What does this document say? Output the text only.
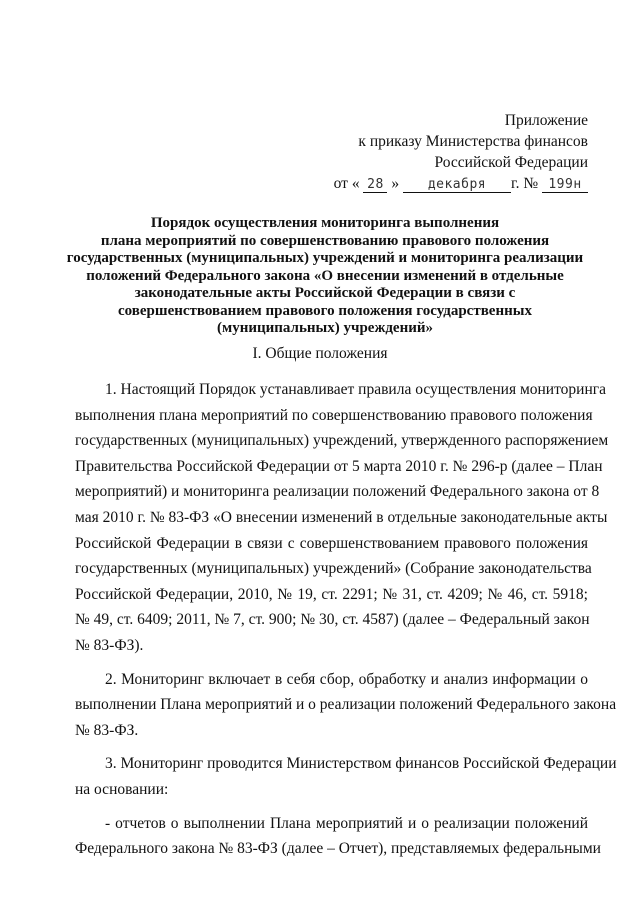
Приложение
к приказу Министерства финансов
Российской Федерации
от « 28 » декабря г. № 199н
Порядок осуществления мониторинга выполнения
плана мероприятий по совершенствованию правового положения
государственных (муниципальных) учреждений и мониторинга реализации
положений Федерального закона «О внесении изменений в отдельные
законодательные акты Российской Федерации в связи с
совершенствованием правового положения государственных
(муниципальных) учреждений»
I. Общие положения
1. Настоящий Порядок устанавливает правила осуществления мониторинга
выполнения плана мероприятий по совершенствованию правового положения
государственных (муниципальных) учреждений, утвержденного распоряжением
Правительства Российской Федерации от 5 марта 2010 г. № 296-р (далее – План
мероприятий) и мониторинга реализации положений Федерального закона от 8
мая 2010 г. № 83-ФЗ «О внесении изменений в отдельные законодательные акты
Российской Федерации в связи с совершенствованием правового положения
государственных (муниципальных) учреждений» (Собрание законодательства
Российской Федерации, 2010, № 19, ст. 2291; № 31, ст. 4209; № 46, ст. 5918;
№ 49, ст. 6409; 2011, № 7, ст. 900; № 30, ст. 4587) (далее – Федеральный закон
№ 83-ФЗ).
2. Мониторинг включает в себя сбор, обработку и анализ информации о
выполнении Плана мероприятий и о реализации положений Федерального закона
№ 83-ФЗ.
3. Мониторинг проводится Министерством финансов Российской Федерации
на основании:
- отчетов о выполнении Плана мероприятий и о реализации положений
Федерального закона № 83-ФЗ (далее – Отчет), представляемых федеральными
